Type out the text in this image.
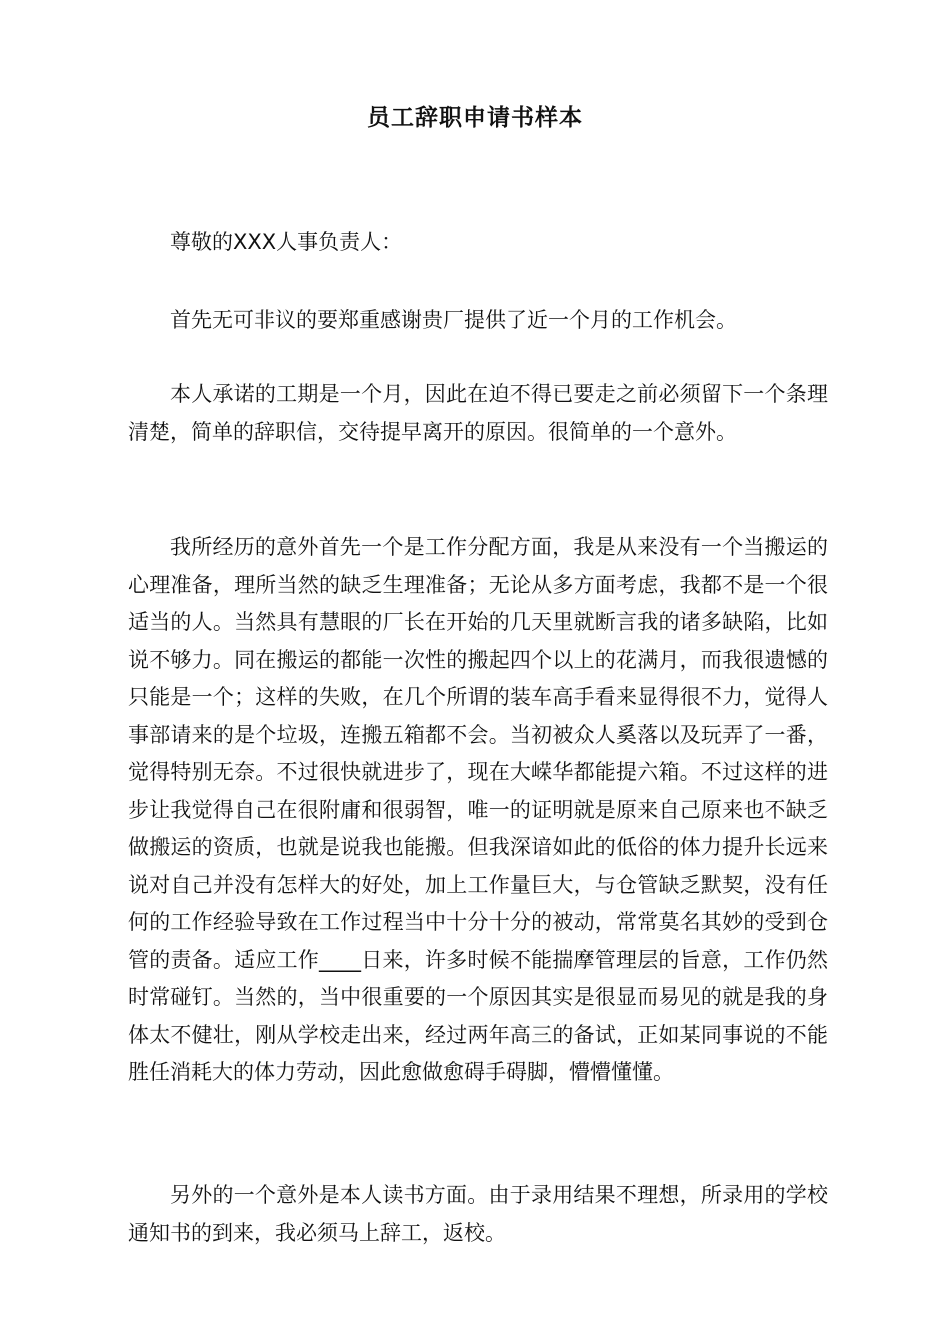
员工辞职申请书样本

尊敬的XXX人事负责人：

首先无可非议的要郑重感谢贵厂提供了近一个月的工作机会。

本人承诺的工期是一个月，因此在迫不得已要走之前必须留下一个条理清楚，简单的辞职信，交待提早离开的原因。很简单的一个意外。

我所经历的意外首先一个是工作分配方面，我是从来没有一个当搬运的心理准备，理所当然的缺乏生理准备；无论从多方面考虑，我都不是一个很适当的人。当然具有慧眼的厂长在开始的几天里就断言我的诸多缺陷，比如说不够力。同在搬运的都能一次性的搬起四个以上的花满月，而我很遗憾的只能是一个；这样的失败，在几个所谓的装车高手看来显得很不力，觉得人事部请来的是个垃圾，连搬五箱都不会。当初被众人奚落以及玩弄了一番，觉得特别无奈。不过很快就进步了，现在大嵘华都能提六箱。不过这样的进步让我觉得自己在很附庸和很弱智，唯一的证明就是原来自己原来也不缺乏做搬运的资质，也就是说我也能搬。但我深谙如此的低俗的体力提升长远来说对自己并没有怎样大的好处，加上工作量巨大，与仓管缺乏默契，没有任何的工作经验导致在工作过程当中十分十分的被动，常常莫名其妙的受到仓管的责备。适应工作____日来，许多时候不能揣摩管理层的旨意，工作仍然时常碰钉。当然的，当中很重要的一个原因其实是很显而易见的就是我的身体太不健壮，刚从学校走出来，经过两年高三的备试，正如某同事说的不能胜任消耗大的体力劳动，因此愈做愈碍手碍脚，懵懵懂懂。

另外的一个意外是本人读书方面。由于录用结果不理想，所录用的学校通知书的到来，我必须马上辞工，返校。
